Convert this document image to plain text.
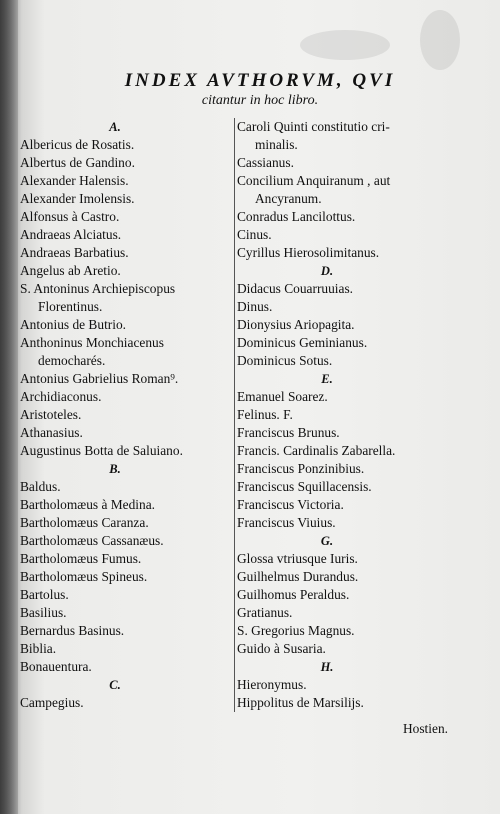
INDEX AVTHORVM, QVI
citantur in hoc libro.
A.
Albericus de Rosatis.
Albertus de Gandino.
Alexander Halensis.
Alexander Imolensis.
Alfonsus à Castro.
Andraeas Alciatus.
Andraeas Barbatius.
Angelus ab Aretio.
S. Antoninus Archiepiscopus
Florentinus.
Antonius de Butrio.
Anthoninus Monchiacenus
democharés.
Antonius Gabrielius Roman⁹.
Archidiaconus.
Aristoteles.
Athanasius.
Augustinus Botta de Saluiano.
B.
Baldus.
Bartholomæus à Medina.
Bartholomæus Caranza.
Bartholomæus Cassanæus.
Bartholomæus Fumus.
Bartholomæus Spineus.
Bartolus.
Basilius.
Bernardus Basinus.
Biblia.
Bonauentura.
C.
Campegius.
Caroli Quinti constitutio cri-
minalis.
Cassianus.
Concilium Anquiranum , aut
Ancyranum.
Conradus Lancilottus.
Cinus.
Cyrillus Hierosolimitanus.
D.
Didacus Couarruuias.
Dinus.
Dionysius Ariopagita.
Dominicus Geminianus.
Dominicus Sotus.
E.
Emanuel Soarez.
Felinus. F.
Franciscus Brunus.
Francis. Cardinalis Zabarella.
Franciscus Ponzinibius.
Franciscus Squillacensis.
Franciscus Victoria.
Franciscus Viuius.
G.
Glossa vtriusque Iuris.
Guilhelmus Durandus.
Guilhomus Peraldus.
Gratianus.
S. Gregorius Magnus.
Guido à Susaria.
H.
Hieronymus.
Hippolitus de Marsilijs.
Hostien.
